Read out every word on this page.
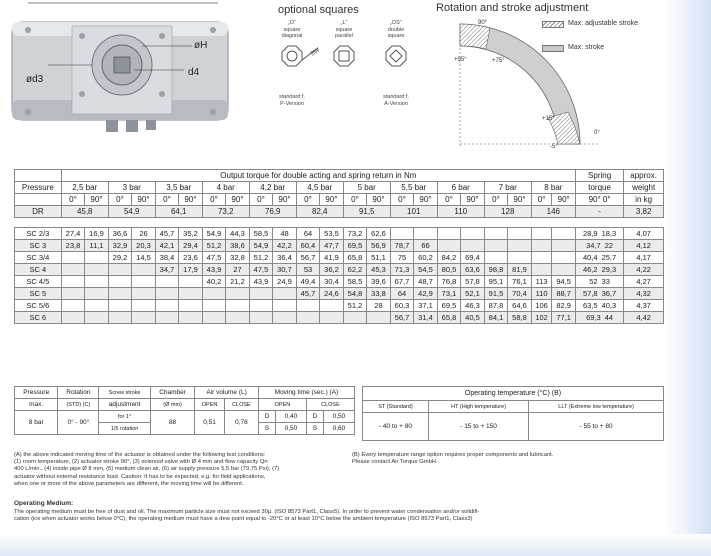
øH
ød3
d4
optional squares
„D“
square
diagonal
„L“
square
parallel
„DS“
double
square
SW
standard f.
P-Version
standard f.
A-Version
Rotation and stroke adjustment
Max. adjustable stroke
Max. stroke
90°
+95°	+75°
+15°
0°
-5°
	Output torque for double acting and spring return in Nm																						Spring	approx.
Pressure	2,5 bar		3 bar		3,5 bar		4 bar		4,2 bar		4,5 bar		5 bar		5,5 bar		6 bar		7 bar		8 bar		torque	weight
	0°	90°	0°	90°	0°	90°	0°	90°	0°	90°	0°	90°	0°	90°	0°	90°	0°	90°	0°	90°	0°	90°	90° 0°	in kg
DR	45,8		54,9		64,1		73,2		76,9		82,4		91,5		101		110		128		146		-	3,82

SC 2/3	27,4	16,9	36,6	26	45,7	35,2	54,9	44,3	58,5	48	64	53,5	73,2	62,6									28,9 18,3	4,07
SC 3	23,8	11,1	32,9	20,3	42,1	29,4	51,2	38,6	54,9	42,2	60,4	47,7	69,5	56,9	78,7	66							34,7 22	4,12
SC 3/4			29,2	14,5	38,4	23,6	47,5	32,8	51,2	36,4	56,7	41,9	65,8	51,1	75	60,2	84,2	69,4					40,4 25,7	4,17
SC 4					34,7	17,9	43,9	27	47,5	30,7	53	36,2	62,2	45,3	71,3	54,5	80,5	63,6	98,8	81,9			46,2 29,3	4,22
SC 4/5							40,2	21,2	43,9	24,9	49,4	30,4	58,5	39,6	67,7	48,7	76,8	57,8	95,1	76,1	113	94,5	52 33	4,27
SC 5											45,7	24,6	54,8	33,8	64	42,9	73,1	52,1	91,5	70,4	110	88,7	57,8 36,7	4,32
SC 5/6													51,2	28	60,3	37,1	69,5	46,3	87,8	64,6	106	82,9	63,5 40,3	4,37
SC 6															56,7	31,4	65,8	40,5	84,1	58,8	102	77,1	69,3 44	4,42
Pressure	Rotation	Screw stroke	Chamber	Air volume (L)		Moving time (sec.) (A)			
max.	(STD) (C)	adjustment	(Ø mm)	OPEN	CLOSE	OPEN		CLOSE	
8 bar	0° - 90°	for 1°	88	0,51	0,78	D	0,40	D	0,50
		1/5 rotation				S	0,50	S	0,60
Operating temperature (°C) (B)		
ST (Standard)	HT (High temperature)	LLT (Extreme low temperature)
- 40 to + 80	- 15 to + 150	- 55 to + 80
(A) the above indicated moving time of the actuator is obtained under the following test conditions:
(1) room temperature, (2) actuator stroke 90°, (3) solenoid valve with Ø 4 mm and flow capacity Qn
400 L/min., (4) inside pipe Ø 8 mm, (5) medium clean air, (6) air supply pressure 5,5 bar (79,75 Psi), (7)
actuator without external resistance load. Caution: It has to be expected, e.g. for field applications,
when one or more of the above parameters are different, the moving time will be different.
(B) Every temperature range option requires proper components and lubricant.
Please contact Air Torque GmbH.
Operating Medium:
The operating medium must be free of dust and oil. The maximum particle size must not exceed 30µ. (ISO 8573 Part1, Class5). In order to prevent water condensation and/or solidifi-
cation (ice when actuator works below 0°C), the operating medium must have a dew point equal to -20°C or at least 10°C below the ambient temperature (ISO 8573 Part1, Class3)
